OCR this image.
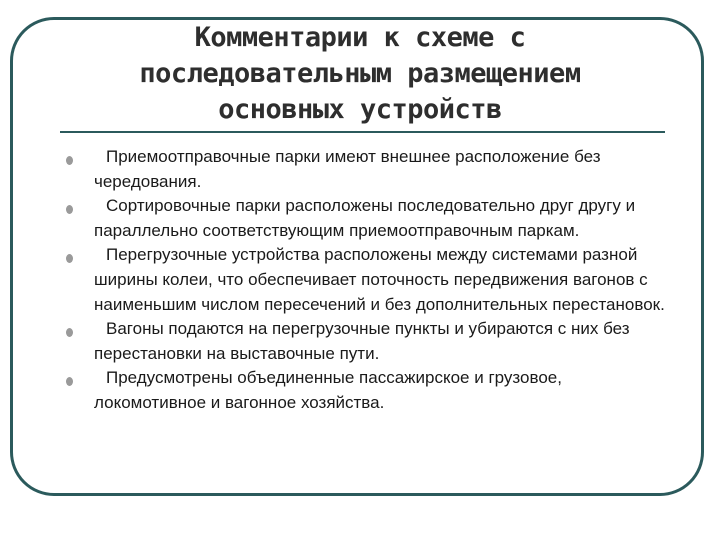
Комментарии к схеме с
последовательным размещением
основных устройств
Приемоотправочные парки имеют внешнее расположение без чередования.
Сортировочные парки расположены последовательно друг другу и параллельно соответствующим приемоотправочным паркам.
Перегрузочные устройства расположены между системами разной ширины колеи, что обеспечивает поточность передвижения вагонов с наименьшим числом пересечений и без дополнительных перестановок.
Вагоны подаются на перегрузочные пункты и убираются с них без перестановки на выставочные пути.
Предусмотрены объединенные пассажирское и грузовое, локомотивное и вагонное хозяйства.
